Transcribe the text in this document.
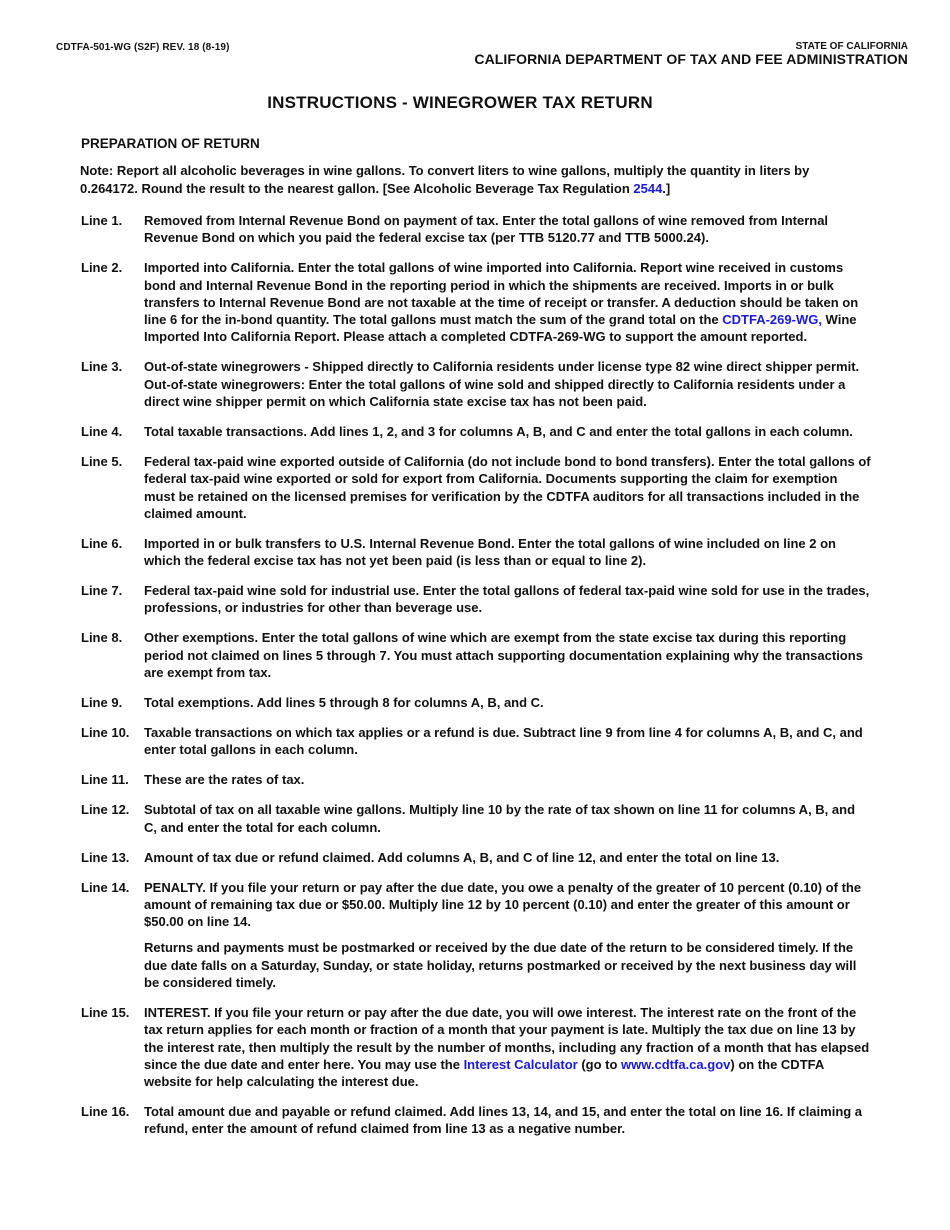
CDTFA-501-WG (S2F) REV. 18 (8-19)	STATE OF CALIFORNIA
CALIFORNIA DEPARTMENT OF TAX AND FEE ADMINISTRATION
INSTRUCTIONS - WINEGROWER TAX RETURN
PREPARATION OF RETURN
Note: Report all alcoholic beverages in wine gallons. To convert liters to wine gallons, multiply the quantity in liters by 0.264172. Round the result to the nearest gallon. [See Alcoholic Beverage Tax Regulation 2544.]
Line 1.	Removed from Internal Revenue Bond on payment of tax. Enter the total gallons of wine removed from Internal Revenue Bond on which you paid the federal excise tax (per TTB 5120.77 and TTB 5000.24).

Line 2.	Imported into California. Enter the total gallons of wine imported into California. Report wine received in customs bond and Internal Revenue Bond in the reporting period in which the shipments are received. Imports in or bulk transfers to Internal Revenue Bond are not taxable at the time of receipt or transfer. A deduction should be taken on line 6 for the in-bond quantity. The total gallons must match the sum of the grand total on the CDTFA-269-WG, Wine Imported Into California Report. Please attach a completed CDTFA-269-WG to support the amount reported.

Line 3.	Out-of-state winegrowers - Shipped directly to California residents under license type 82 wine direct shipper permit. Out-of-state winegrowers: Enter the total gallons of wine sold and shipped directly to California residents under a direct wine shipper permit on which California state excise tax has not been paid.

Line 4.	Total taxable transactions. Add lines 1, 2, and 3 for columns A, B, and C and enter the total gallons in each column.

Line 5.	Federal tax-paid wine exported outside of California (do not include bond to bond transfers). Enter the total gallons of federal tax-paid wine exported or sold for export from California. Documents supporting the claim for exemption must be retained on the licensed premises for verification by the CDTFA auditors for all transactions included in the claimed amount.

Line 6.	Imported in or bulk transfers to U.S. Internal Revenue Bond. Enter the total gallons of wine included on line 2 on which the federal excise tax has not yet been paid (is less than or equal to line 2).

Line 7.	Federal tax-paid wine sold for industrial use. Enter the total gallons of federal tax-paid wine sold for use in the trades, professions, or industries for other than beverage use.

Line 8.	Other exemptions. Enter the total gallons of wine which are exempt from the state excise tax during this reporting period not claimed on lines 5 through 7. You must attach supporting documentation explaining why the transactions are exempt from tax.

Line 9.	Total exemptions. Add lines 5 through 8 for columns A, B, and C.

Line 10.	Taxable transactions on which tax applies or a refund is due. Subtract line 9 from line 4 for columns A, B, and C, and enter total gallons in each column.

Line 11.	These are the rates of tax.

Line 12.	Subtotal of tax on all taxable wine gallons. Multiply line 10 by the rate of tax shown on line 11 for columns A, B, and C, and enter the total for each column.

Line 13.	Amount of tax due or refund claimed. Add columns A, B, and C of line 12, and enter the total on line 13.

Line 14.	PENALTY. If you file your return or pay after the due date, you owe a penalty of the greater of 10 percent (0.10) of the amount of remaining tax due or $50.00. Multiply line 12 by 10 percent (0.10) and enter the greater of this amount or $50.00 on line 14.

Returns and payments must be postmarked or received by the due date of the return to be considered timely. If the due date falls on a Saturday, Sunday, or state holiday, returns postmarked or received by the next business day will be considered timely.

Line 15.	INTEREST. If you file your return or pay after the due date, you will owe interest. The interest rate on the front of the tax return applies for each month or fraction of a month that your payment is late. Multiply the tax due on line 13 by the interest rate, then multiply the result by the number of months, including any fraction of a month that has elapsed since the due date and enter here. You may use the Interest Calculator (go to www.cdtfa.ca.gov) on the CDTFA website for help calculating the interest due.

Line 16.	Total amount due and payable or refund claimed. Add lines 13, 14, and 15, and enter the total on line 16. If claiming a refund, enter the amount of refund claimed from line 13 as a negative number.
